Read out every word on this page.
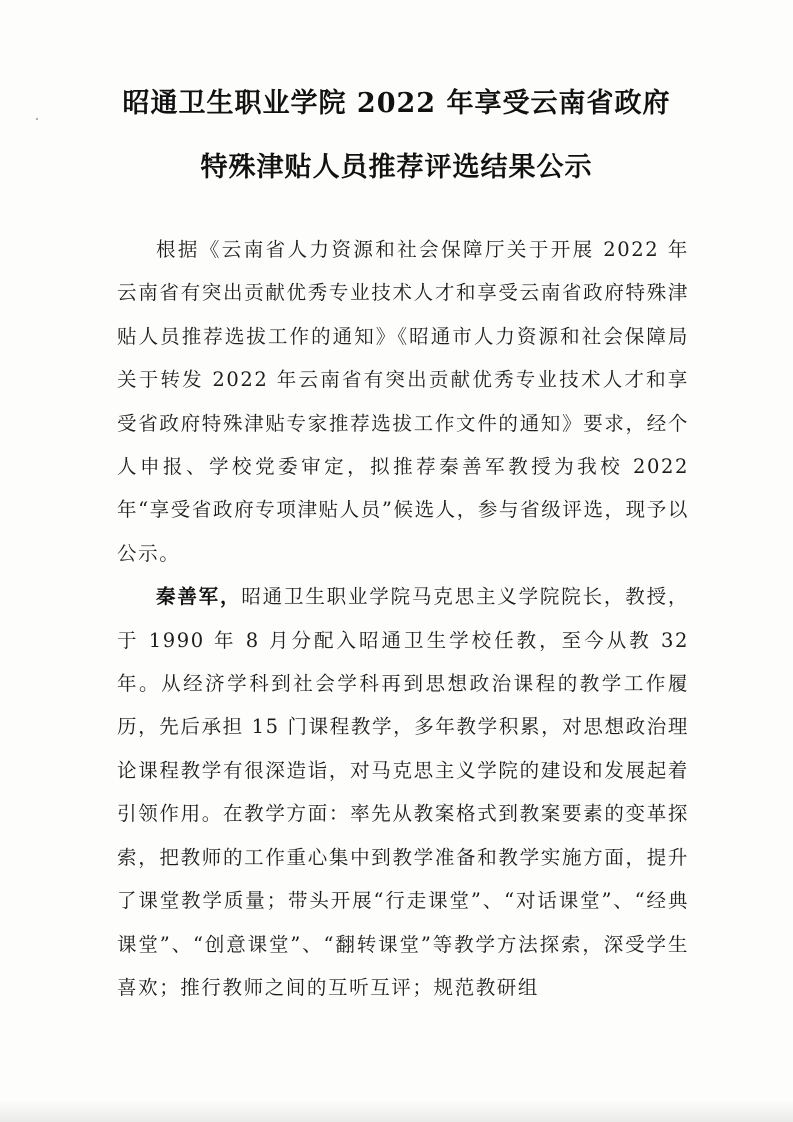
昭通卫生职业学院 2022 年享受云南省政府
特殊津贴人员推荐评选结果公示

根据《云南省人力资源和社会保障厅关于开展 2022 年云南省有突出贡献优秀专业技术人才和享受云南省政府特殊津贴人员推荐选拔工作的通知》《昭通市人力资源和社会保障局关于转发 2022 年云南省有突出贡献优秀专业技术人才和享受省政府特殊津贴专家推荐选拔工作文件的通知》要求，经个人申报、学校党委审定，拟推荐秦善军教授为我校 2022 年“享受省政府专项津贴人员”候选人，参与省级评选，现予以公示。

秦善军，昭通卫生职业学院马克思主义学院院长，教授，于 1990 年 8 月分配入昭通卫生学校任教，至今从教 32 年。从经济学科到社会学科再到思想政治课程的教学工作履历，先后承担 15 门课程教学，多年教学积累，对思想政治理论课程教学有很深造诣，对马克思主义学院的建设和发展起着引领作用。在教学方面：率先从教案格式到教案要素的变革探索，把教师的工作重心集中到教学准备和教学实施方面，提升了课堂教学质量；带头开展“行走课堂”、“对话课堂”、“经典课堂”、“创意课堂”、“翻转课堂”等教学方法探索，深受学生喜欢；推行教师之间的互听互评；规范教研组
